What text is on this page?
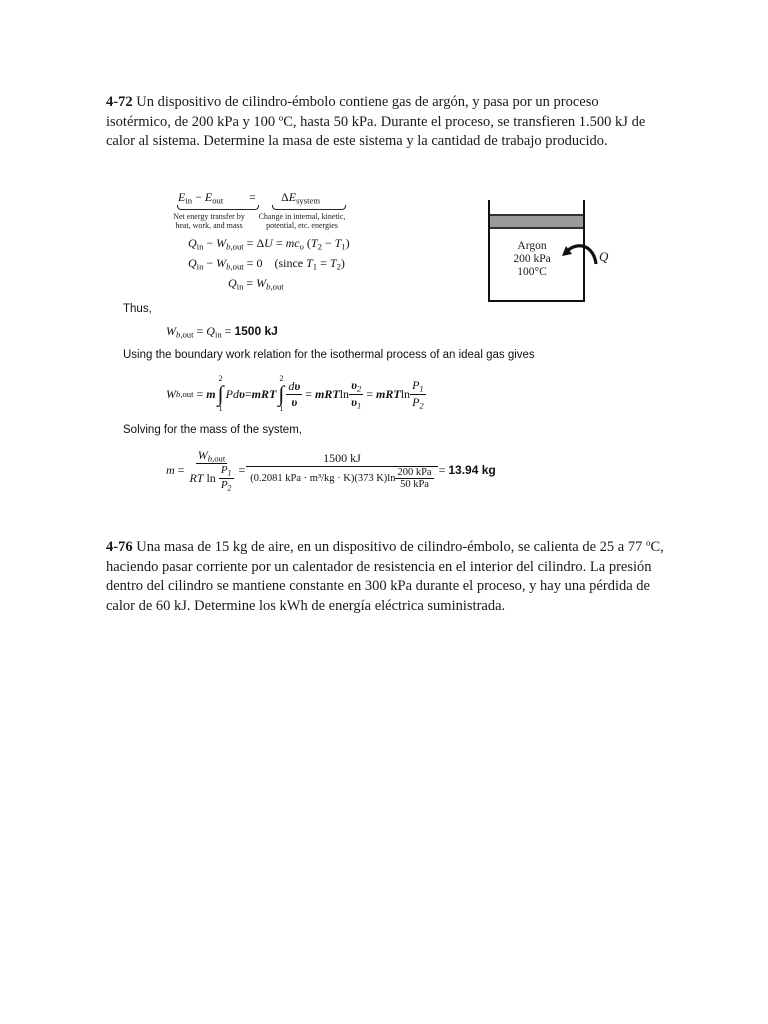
4-72 Un dispositivo de cilindro-émbolo contiene gas de argón, y pasa por un proceso isotérmico, de 200 kPa y 100 ºC, hasta 50 kPa. Durante el proceso, se transfieren 1.500 kJ de calor al sistema. Determine la masa de este sistema y la cantidad de trabajo producido.
$E_{in} - E_{out} = \Delta E_{system}$
Net energy transfer by heat, work, and mass
Change in internal, kinetic, potential, etc. energies
$Q_{in} - W_{b,out} = \Delta U = mc_\upsilon$ $(T_2 - T_1)$
$Q_{in} - W_{b,out} = 0$    (since $T_1 = T_2$)
$Q_{in} = W_{b,out}$
Thus,
$W_{b,out} = Q_{in} = 1500$ kJ
Using the boundary work relation for the isothermal process of an ideal gas gives
W b,out = m
2
∫
1
P d υ = mRT
2
∫
$1 \frac{d\upsilon}{\upsilon}$ = mRT $\ln \frac{\upsilon_2}{\upsilon_1}$ = mRT $\ln \frac{P_1}{P_2}$
Solving for the mass of the system,
$m = \frac{W_{b,out}}{RT \ln \frac{P_1}{P_2}} = \frac{1500 kJ}{(0.2081 kPa \cdot m^3/kg \cdot K)(373 K)\ln \frac{\text{200 kPa}}{\text{50 kPa}}} = 13.94$ kg
Argon
200 kPa
100°C
Q
4-76 Una masa de 15 kg de aire, en un dispositivo de cilindro-émbolo, se calienta de 25 a 77 ºC, haciendo pasar corriente por un calentador de resistencia en el interior del cilindro. La presión dentro del cilindro se mantiene constante en 300 kPa durante el proceso, y hay una pérdida de calor de 60 kJ. Determine los kWh de energía eléctrica suministrada.
